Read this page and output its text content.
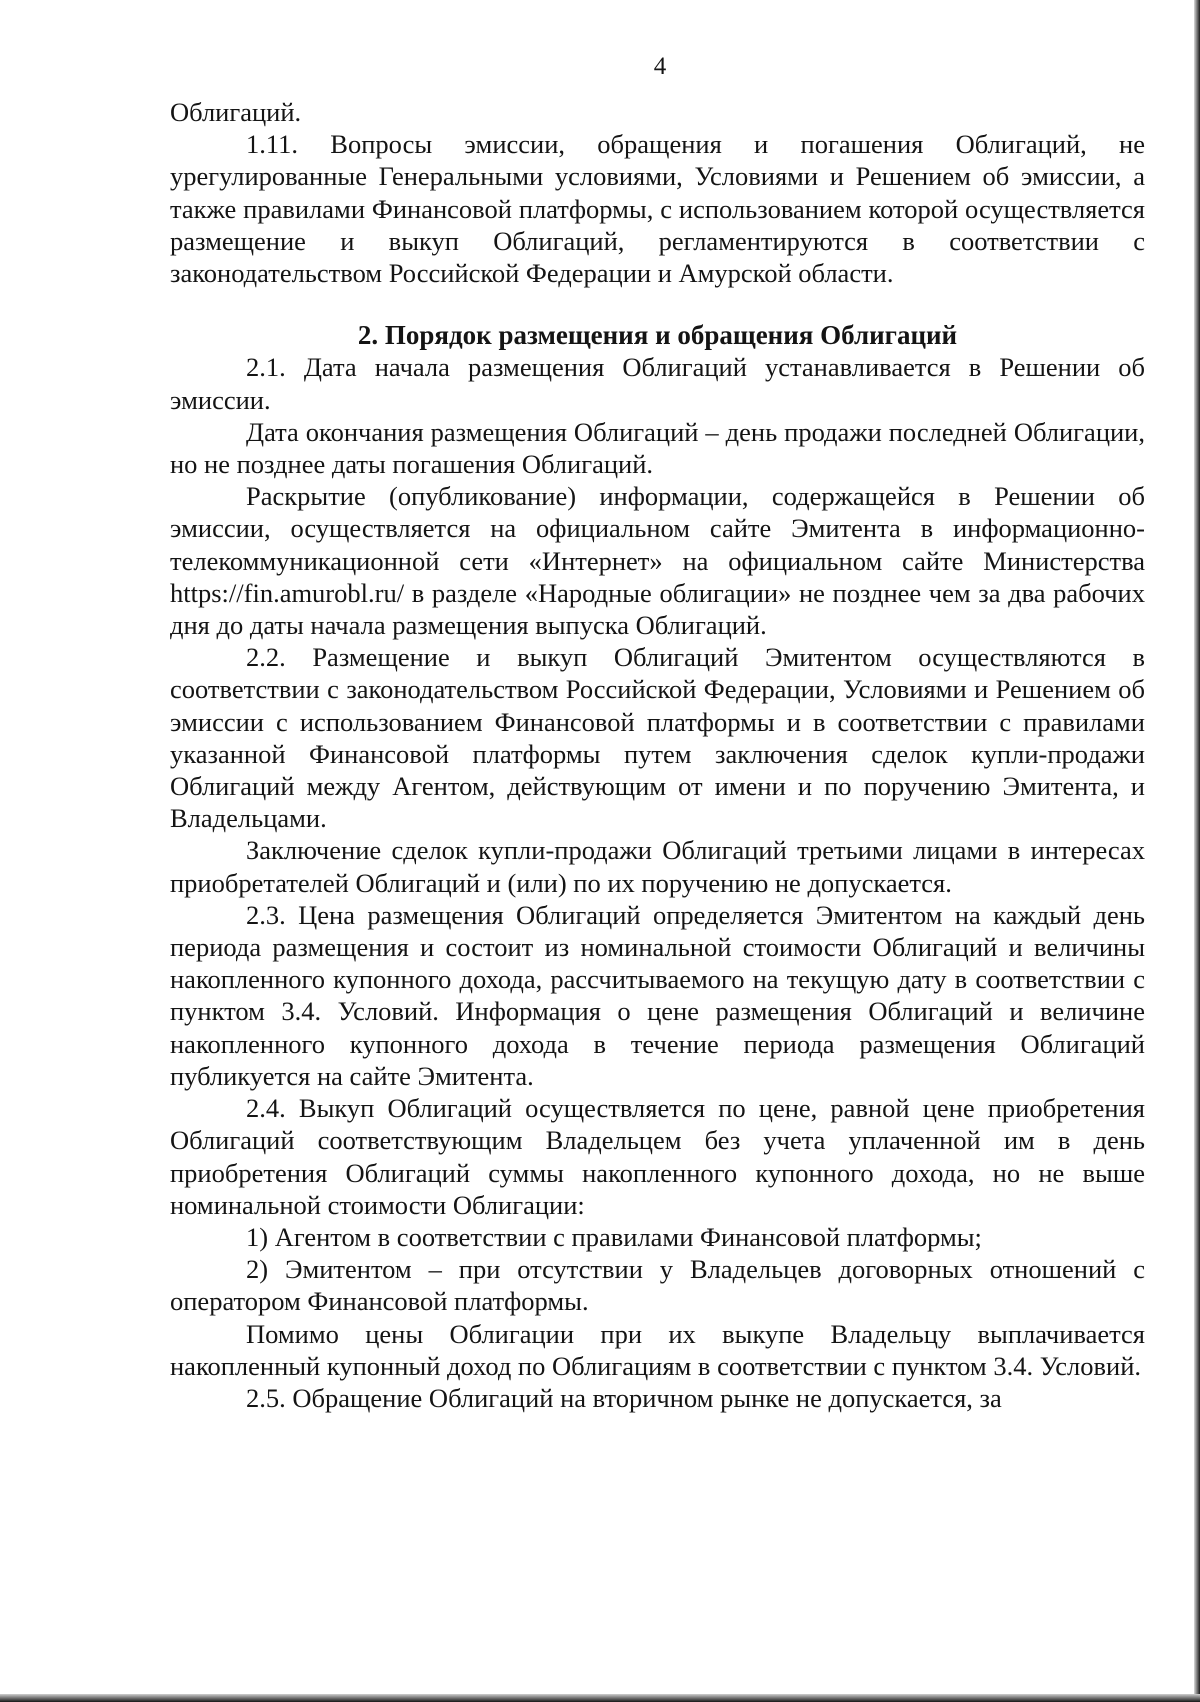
4

Облигаций.

1.11. Вопросы эмиссии, обращения и погашения Облигаций, не урегулированные Генеральными условиями, Условиями и Решением об эмиссии, а также правилами Финансовой платформы, с использованием которой осуществляется размещение и выкуп Облигаций, регламентируются в соответствии с законодательством Российской Федерации и Амурской области.

2. Порядок размещения и обращения Облигаций

2.1. Дата начала размещения Облигаций устанавливается в Решении об эмиссии.

Дата окончания размещения Облигаций – день продажи последней Облигации, но не позднее даты погашения Облигаций.

Раскрытие (опубликование) информации, содержащейся в Решении об эмиссии, осуществляется на официальном сайте Эмитента в информационно-телекоммуникационной сети «Интернет» на официальном сайте Министерства https://fin.amurobl.ru/ в разделе «Народные облигации» не позднее чем за два рабочих дня до даты начала размещения выпуска Облигаций.

2.2. Размещение и выкуп Облигаций Эмитентом осуществляются в соответствии с законодательством Российской Федерации, Условиями и Решением об эмиссии с использованием Финансовой платформы и в соответствии с правилами указанной Финансовой платформы путем заключения сделок купли-продажи Облигаций между Агентом, действующим от имени и по поручению Эмитента, и Владельцами.

Заключение сделок купли-продажи Облигаций третьими лицами в интересах приобретателей Облигаций и (или) по их поручению не допускается.

2.3. Цена размещения Облигаций определяется Эмитентом на каждый день периода размещения и состоит из номинальной стоимости Облигаций и величины накопленного купонного дохода, рассчитываемого на текущую дату в соответствии с пунктом 3.4. Условий. Информация о цене размещения Облигаций и величине накопленного купонного дохода в течение периода размещения Облигаций публикуется на сайте Эмитента.

2.4. Выкуп Облигаций осуществляется по цене, равной цене приобретения Облигаций соответствующим Владельцем без учета уплаченной им в день приобретения Облигаций суммы накопленного купонного дохода, но не выше номинальной стоимости Облигации:

1) Агентом в соответствии с правилами Финансовой платформы;

2) Эмитентом – при отсутствии у Владельцев договорных отношений с оператором Финансовой платформы.

Помимо цены Облигации при их выкупе Владельцу выплачивается накопленный купонный доход по Облигациям в соответствии с пунктом 3.4. Условий.

2.5. Обращение Облигаций на вторичном рынке не допускается, за
